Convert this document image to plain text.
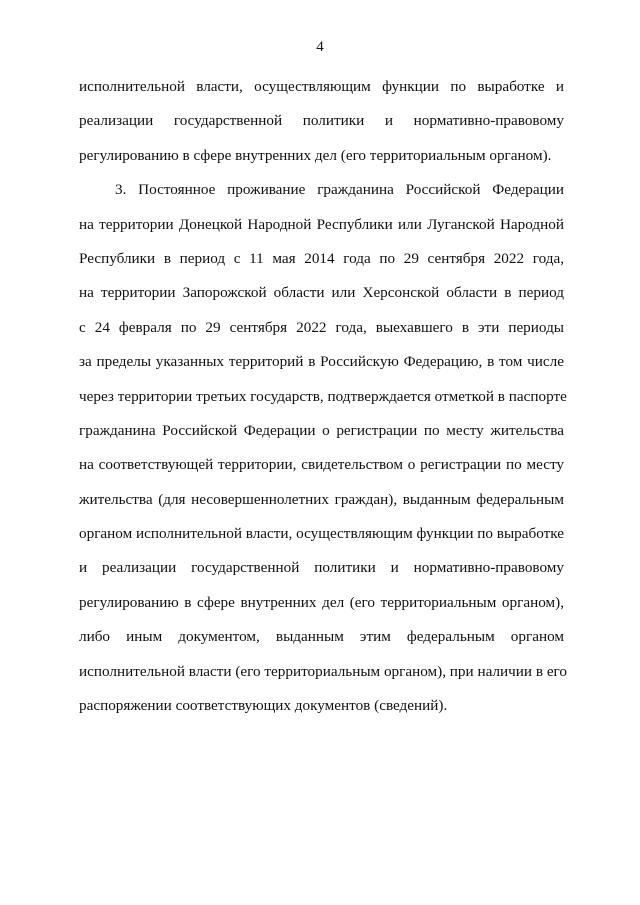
4
исполнительной власти, осуществляющим функции по выработке и
реализации государственной политики и нормативно-правовому
регулированию в сфере внутренних дел (его территориальным органом).
3. Постоянное проживание гражданина Российской Федерации
на территории Донецкой Народной Республики или Луганской Народной
Республики в период с 11 мая 2014 года по 29 сентября 2022 года,
на территории Запорожской области или Херсонской области в период
с 24 февраля по 29 сентября 2022 года, выехавшего в эти периоды
за пределы указанных территорий в Российскую Федерацию, в том числе
через территории третьих государств, подтверждается отметкой в паспорте
гражданина Российской Федерации о регистрации по месту жительства
на соответствующей территории, свидетельством о регистрации по месту
жительства (для несовершеннолетних граждан), выданным федеральным
органом исполнительной власти, осуществляющим функции по выработке
и реализации государственной политики и нормативно-правовому
регулированию в сфере внутренних дел (его территориальным органом),
либо иным документом, выданным этим федеральным органом
исполнительной власти (его территориальным органом), при наличии в его
распоряжении соответствующих документов (сведений).
